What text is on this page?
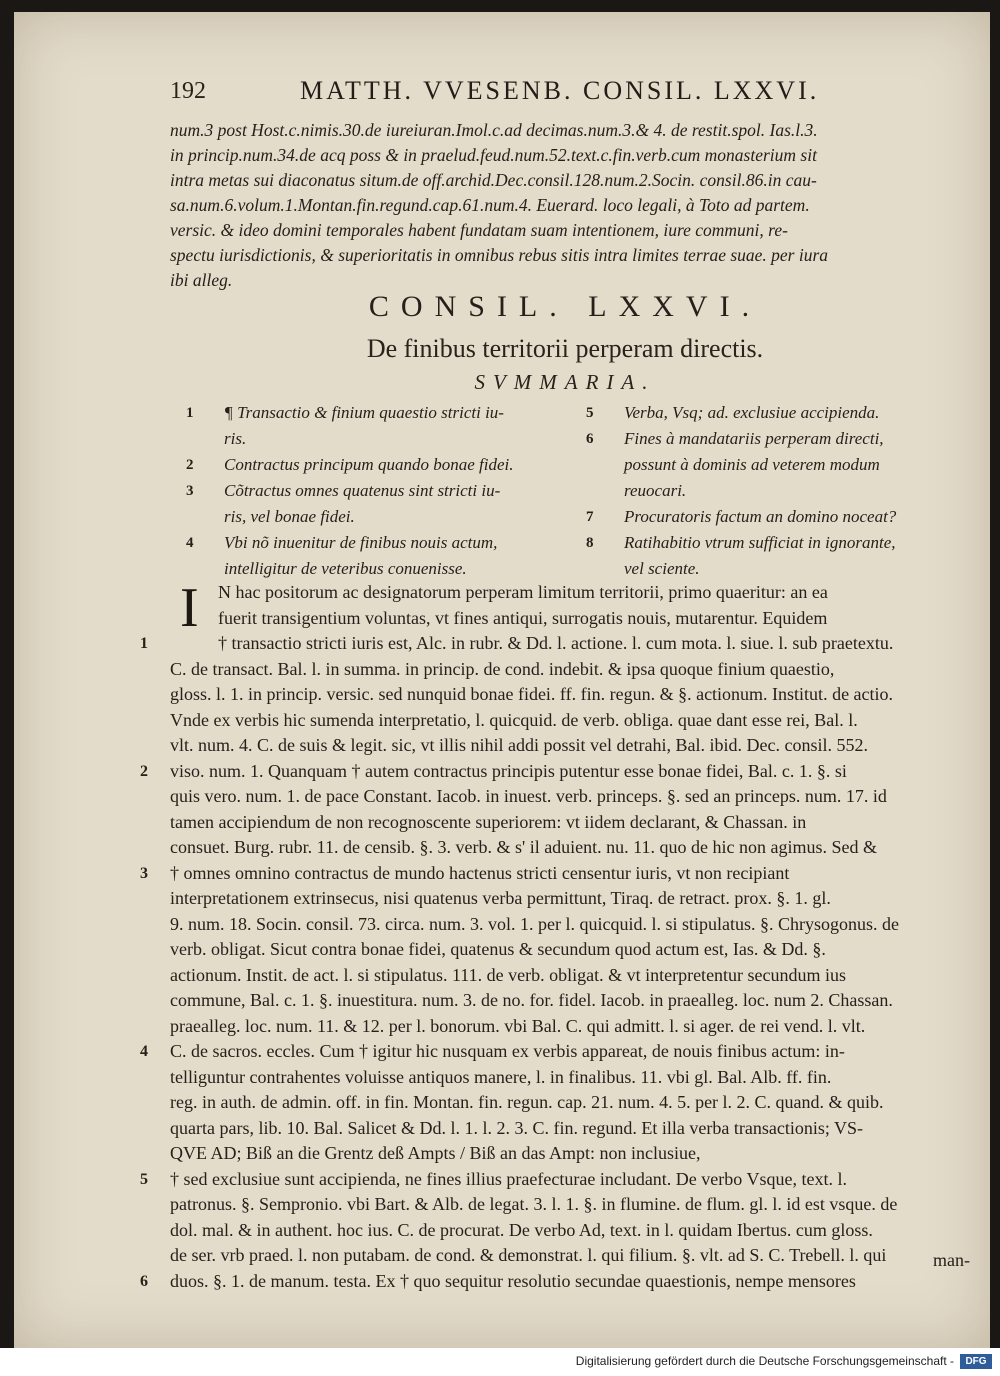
192	MATTH. VVESENB. CONSIL. LXXVI.
num.3 post Host.c.nimis.30.de iureiuran.Imol.c.ad decimas.num.3.& 4. de restit.spol. Ias.l.3.
in princip.num.34.de acq poss & in praelud.feud.num.52.text.c.fin.verb.cum monasterium sit
intra metas sui diaconatus situm.de off.archid.Dec.consil.128.num.2.Socin. consil.86.in cau-
sa.num.6.volum.1.Montan.fin.regund.cap.61.num.4. Euerard. loco legali, à Toto ad partem.
versic. & ideo domini temporales habent fundatam suam intentionem, iure communi, re-
spectu iurisdictionis, & superioritatis in omnibus rebus sitis intra limites terrae suae. per iura
ibi alleg.
CONSIL. LXXVI.
De finibus territorii perperam directis.
SVMMARIA.
1 ¶ Transactio & finium quaestio stricti iu-
ris.
2 Contractus principum quando bonae fidei.
3 Cõtractus omnes quatenus sint stricti iu-
ris, vel bonae fidei.
4 Vbi nõ inuenitur de finibus nouis actum,
intelligitur de veteribus conuenisse.
5 Verba, Vsq; ad. exclusiue accipienda.
6 Fines à mandatariis perperam directi,
possunt à dominis ad veterem modum
reuocari.
7 Procuratoris factum an domino noceat?
8 Ratihabitio vtrum sufficiat in ignorante,
vel sciente.
I	N hac positorum ac designatorum perperam limitum territorii, primo quaeritur: an ea
fuerit transigentium voluntas, vt fines antiqui, surrogatis nouis, mutarentur. Equidem
1	† transactio stricti iuris est, Alc. in rubr. & Dd. l. actione. l. cum mota. l. siue. l. sub praetextu.
C. de transact. Bal. l. in summa. in princip. de cond. indebit. & ipsa quoque finium quaestio,
gloss. l. 1. in princip. versic. sed nunquid bonae fidei. ff. fin. regun. & §. actionum. Institut. de actio.
Vnde ex verbis hic sumenda interpretatio, l. quicquid. de verb. obliga. quae dant esse rei, Bal. l.
vlt. num. 4. C. de suis & legit. sic, vt illis nihil addi possit vel detrahi, Bal. ibid. Dec. consil. 552.
2 viso. num. 1. Quanquam † autem contractus principis putentur esse bonae fidei, Bal. c. 1. §. si
quis vero. num. 1. de pace Constant. Iacob. in inuest. verb. princeps. §. sed an princeps. num. 17. id
tamen accipiendum de non recognoscente superiorem: vt iidem declarant, & Chassan. in
consuet. Burg. rubr. 11. de censib. §. 3. verb. & s' il aduient. nu. 11. quo de hic non agimus. Sed &
3 † omnes omnino contractus de mundo hactenus stricti censentur iuris, vt non recipiant
interpretationem extrinsecus, nisi quatenus verba permittunt, Tiraq. de retract. prox. §. 1. gl.
9. num. 18. Socin. consil. 73. circa. num. 3. vol. 1. per l. quicquid. l. si stipulatus. §. Chrysogonus. de
verb. obligat. Sicut contra bonae fidei, quatenus & secundum quod actum est, Ias. & Dd. §.
actionum. Instit. de act. l. si stipulatus. 111. de verb. obligat. & vt interpretentur secundum ius
commune, Bal. c. 1. §. inuestitura. num. 3. de no. for. fidel. Iacob. in praealleg. loc. num 2. Chassan.
praealleg. loc. num. 11. & 12. per l. bonorum. vbi Bal. C. qui admitt. l. si ager. de rei vend. l. vlt.
4 C. de sacros. eccles. Cum † igitur hic nusquam ex verbis appareat, de nouis finibus actum: in-
telliguntur contrahentes voluisse antiquos manere, l. in finalibus. 11. vbi gl. Bal. Alb. ff. fin.
reg. in auth. de admin. off. in fin. Montan. fin. regun. cap. 21. num. 4. 5. per l. 2. C. quand. & quib.
quarta pars, lib. 10. Bal. Salicet & Dd. l. 1. l. 2. 3. C. fin. regund. Et illa verba transactionis; VS-
QVE AD; Biß an die Grentz deß Ampts / Biß an das Ampt: non inclusiue,
5 † sed exclusiue sunt accipienda, ne fines illius praefecturae includant. De verbo Vsque, text. l.
patronus. §. Sempronio. vbi Bart. & Alb. de legat. 3. l. 1. §. in flumine. de flum. gl. l. id est vsque. de
dol. mal. & in authent. hoc ius. C. de procurat. De verbo Ad, text. in l. quidam Ibertus. cum gloss.
de ser. vrb praed. l. non putabam. de cond. & demonstrat. l. qui filium. §. vlt. ad S. C. Trebell. l. qui
6 duos. §. 1. de manum. testa. Ex † quo sequitur resolutio secundae quaestionis, nempe mensores
man-
Digitalisierung gefördert durch die Deutsche Forschungsgemeinschaft -	DFG
